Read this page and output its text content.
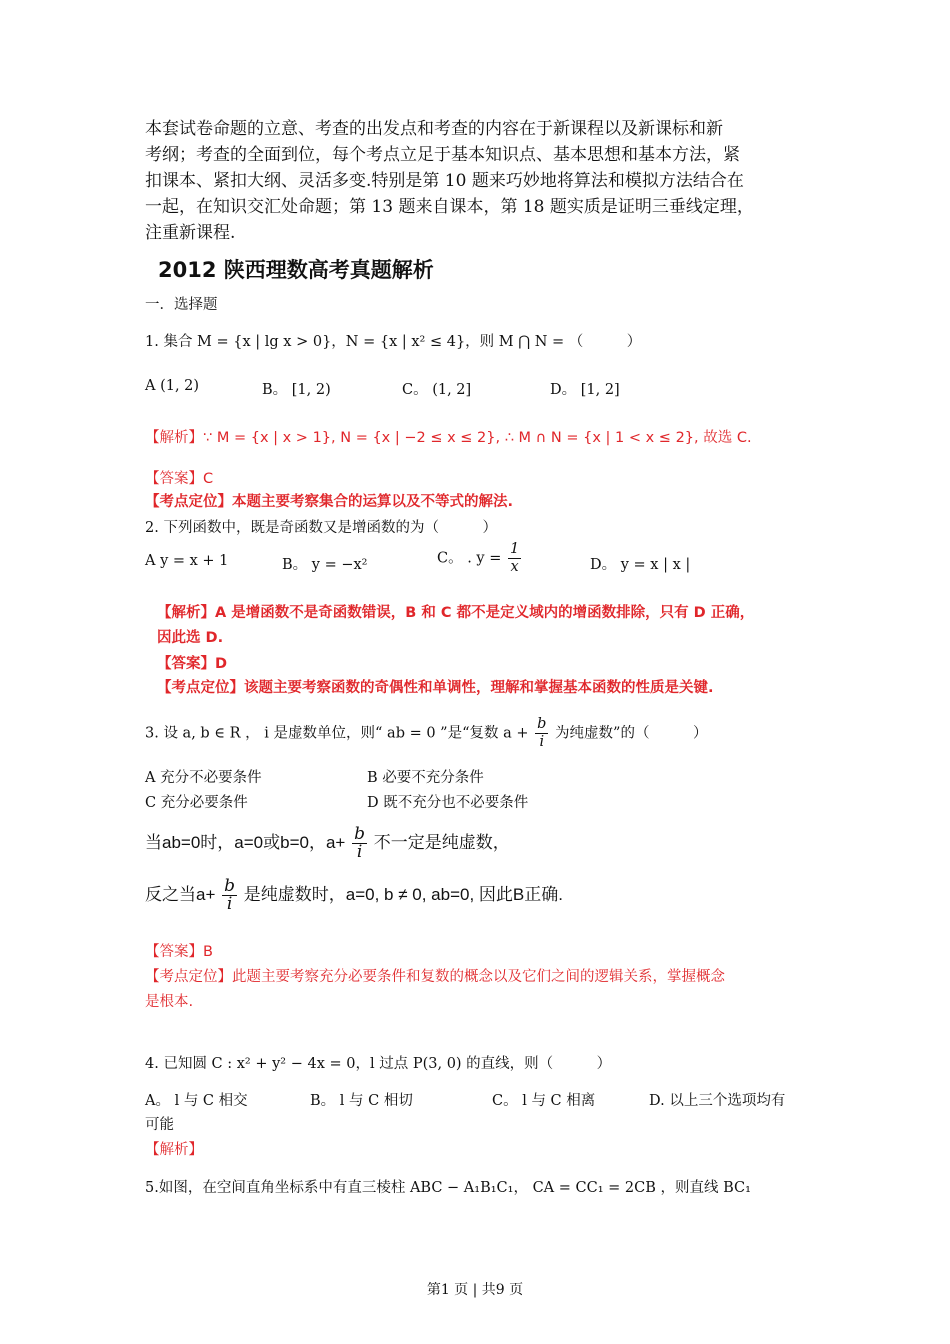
本套试卷命题的立意、考查的出发点和考查的内容在于新课程以及新课标和新
考纲；考查的全面到位，每个考点立足于基本知识点、基本思想和基本方法，紧
扣课本、紧扣大纲、灵活多变.特别是第 10 题来巧妙地将算法和模拟方法结合在
一起，在知识交汇处命题；第 13 题来自课本，第 18 题实质是证明三垂线定理，
注重新课程.
2012 陕西理数高考真题解析
一．选择题
1. 集合 M = {x | lg x > 0}，N = {x | x² ≤ 4}，则 M ⋂ N = （　　　）
A (1, 2)	B。 [1, 2)	C。 (1, 2]	D。 [1, 2]
【解析】∵ M = {x | x > 1}, N = {x | −2 ≤ x ≤ 2}, ∴ M ∩ N = {x | 1 < x ≤ 2}, 故选 C.
【答案】C
【考点定位】本题主要考察集合的运算以及不等式的解法.
2. 下列函数中，既是奇函数又是增函数的为（　　　）
A y = x + 1	B。 y = −x²	C。 . $y = \frac{1}{x}$	D。 y = x | x |
【解析】A 是增函数不是奇函数错误，B 和 C 都不是定义域内的增函数排除，只有 D 正确，
因此选 D.
【答案】D
【考点定位】该题主要考察函数的奇偶性和单调性，理解和掌握基本函数的性质是关键.
3. 设 a, b ∈ R ， i 是虚数单位，则“ ab = 0 ”是“复数 $a + \frac{b}{i}$ 为纯虚数”的（　　　）
A 充分不必要条件	B 必要不充分条件
C 充分必要条件	D 既不充分也不必要条件
当ab=0时，a=0或b=0，$a+ \frac{b}{i}$ 不一定是纯虚数，
反之当$a+ \frac{b}{i}$ 是纯虚数时，a=0, b ≠ 0, ab=0, 因此B正确.
【答案】B
【考点定位】此题主要考察充分必要条件和复数的概念以及它们之间的逻辑关系，掌握概念
是根本.
4. 已知圆 C : x² + y² − 4x = 0，l 过点 P(3, 0) 的直线，则（　　　）
A。 l 与 C 相交	B。 l 与 C 相切	C。 l 与 C 相离	D. 以上三个选项均有
可能
【解析】
5.如图，在空间直角坐标系中有直三棱柱 ABC − A₁B₁C₁， CA = CC₁ = 2CB ，则直线 BC₁
第1 页 | 共9 页
